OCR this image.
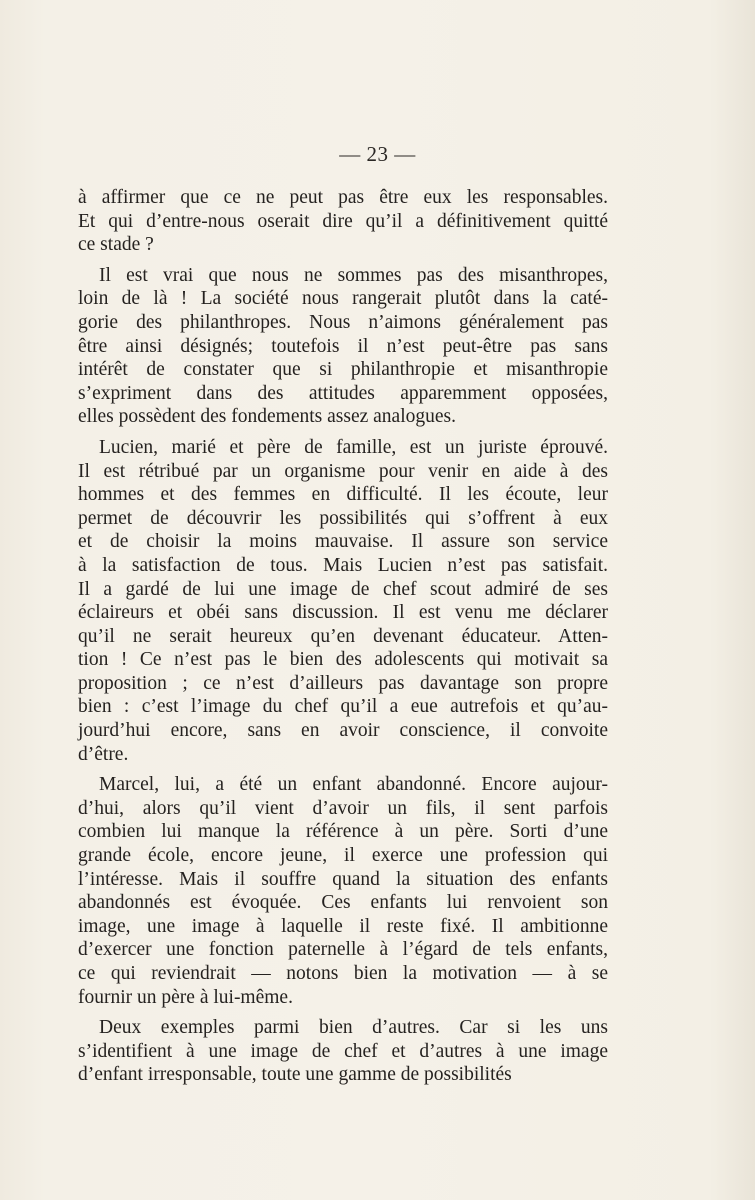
— 23 —
à affirmer que ce ne peut pas être eux les responsables.
Et qui d’entre-nous oserait dire qu’il a définitivement quitté
ce stade ?
Il est vrai que nous ne sommes pas des misanthropes,
loin de là ! La société nous rangerait plutôt dans la caté-
gorie des philanthropes. Nous n’aimons généralement pas
être ainsi désignés; toutefois il n’est peut-être pas sans
intérêt de constater que si philanthropie et misanthropie
s’expriment dans des attitudes apparemment opposées,
elles possèdent des fondements assez analogues.
Lucien, marié et père de famille, est un juriste éprouvé.
Il est rétribué par un organisme pour venir en aide à des
hommes et des femmes en difficulté. Il les écoute, leur
permet de découvrir les possibilités qui s’offrent à eux
et de choisir la moins mauvaise. Il assure son service
à la satisfaction de tous. Mais Lucien n’est pas satisfait.
Il a gardé de lui une image de chef scout admiré de ses
éclaireurs et obéi sans discussion. Il est venu me déclarer
qu’il ne serait heureux qu’en devenant éducateur. Atten-
tion ! Ce n’est pas le bien des adolescents qui motivait sa
proposition ; ce n’est d’ailleurs pas davantage son propre
bien : c’est l’image du chef qu’il a eue autrefois et qu’au-
jourd’hui encore, sans en avoir conscience, il convoite
d’être.
Marcel, lui, a été un enfant abandonné. Encore aujour-
d’hui, alors qu’il vient d’avoir un fils, il sent parfois
combien lui manque la référence à un père. Sorti d’une
grande école, encore jeune, il exerce une profession qui
l’intéresse. Mais il souffre quand la situation des enfants
abandonnés est évoquée. Ces enfants lui renvoient son
image, une image à laquelle il reste fixé. Il ambitionne
d’exercer une fonction paternelle à l’égard de tels enfants,
ce qui reviendrait — notons bien la motivation — à se
fournir un père à lui-même.
Deux exemples parmi bien d’autres. Car si les uns
s’identifient à une image de chef et d’autres à une image
d’enfant irresponsable, toute une gamme de possibilités
